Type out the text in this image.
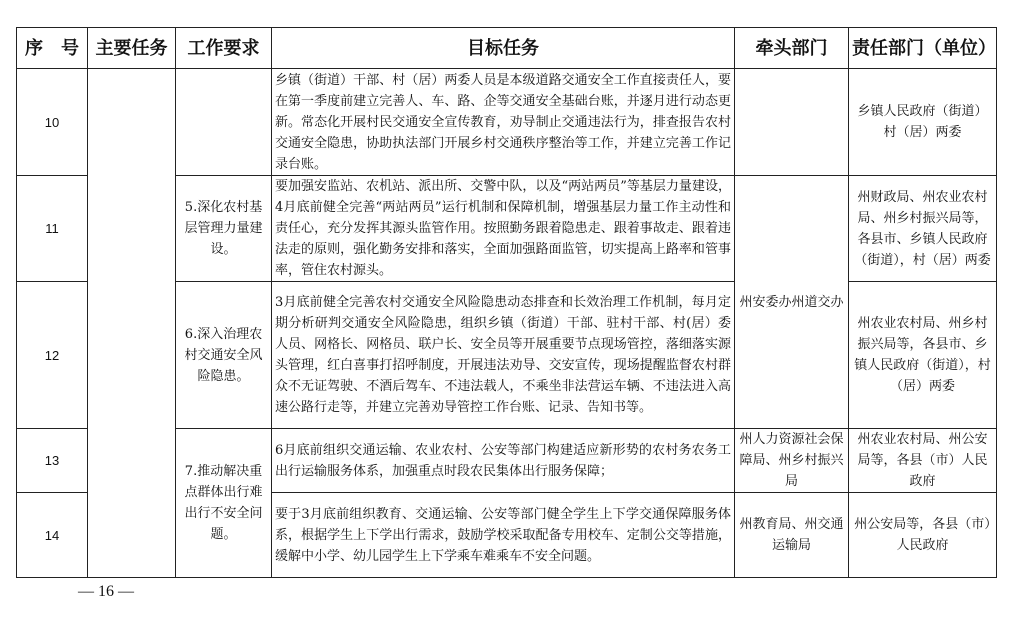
序　号	主要任务	工作要求	目标任务	牵头部门	责任部门（单位）
10			乡镇（街道）干部、村（居）两委人员是本级道路交通安全工作直接责任人，要在第一季度前建立完善人、车、路、企等交通安全基础台账，并逐月进行动态更新。常态化开展村民交通安全宣传教育，劝导制止交通违法行为，排查报告农村交通安全隐患，协助执法部门开展乡村交通秩序整治等工作，并建立完善工作记录台账。		乡镇人民政府（街道）村（居）两委
11		5.深化农村基层管理力量建设。	要加强安监站、农机站、派出所、交警中队，以及“两站两员”等基层力量建设，4月底前健全完善“两站两员”运行机制和保障机制，增强基层力量工作主动性和责任心，充分发挥其源头监管作用。按照勤务跟着隐患走、跟着事故走、跟着违法走的原则，强化勤务安排和落实，全面加强路面监管，切实提高上路率和管事率，管住农村源头。	州安委办州道交办	州财政局、州农业农村局、州乡村振兴局等，各县市、乡镇人民政府（街道），村（居）两委
12		6.深入治理农村交通安全风险隐患。	3月底前健全完善农村交通安全风险隐患动态排查和长效治理工作机制，每月定期分析研判交通安全风险隐患，组织乡镇（街道）干部、驻村干部、村(居）委人员、网格长、网格员、联户长、安全员等开展重要节点现场管控，落细落实源头管理，红白喜事打招呼制度，开展违法劝导、交安宣传，现场提醒监督农村群众不无证驾驶、不酒后驾车、不违法载人，不乘坐非法营运车辆、不违法进入高速公路行走等，并建立完善劝导管控工作台账、记录、告知书等。		州农业农村局、州乡村振兴局等，各县市、乡镇人民政府（街道），村（居）两委
13		7.推动解决重点群体出行难出行不安全问题。	6月底前组织交通运输、农业农村、公安等部门构建适应新形势的农村务农务工出行运输服务体系，加强重点时段农民集体出行服务保障；	州人力资源社会保障局、州乡村振兴局	州农业农村局、州公安局等，各县（市）人民政府
14			要于3月底前组织教育、交通运输、公安等部门健全学生上下学交通保障服务体系，根据学生上下学出行需求，鼓励学校采取配备专用校车、定制公交等措施，缓解中小学、幼儿园学生上下学乘车难乘车不安全问题。	州教育局、州交通运输局	州公安局等，各县（市）人民政府
— 16 —
